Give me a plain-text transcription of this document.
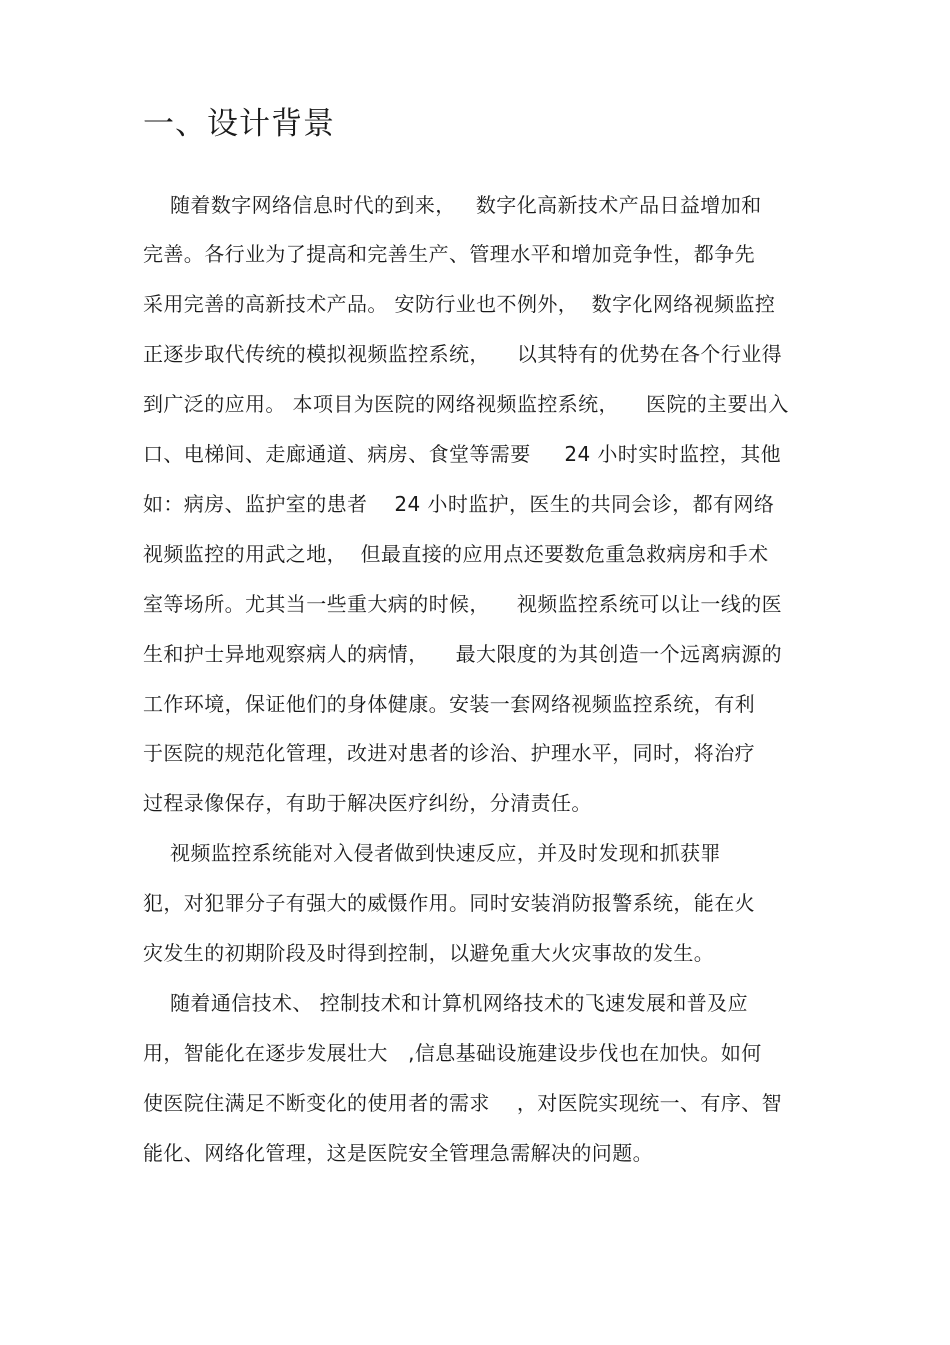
一、设计背景
随着数字网络信息时代的到来，   数字化高新技术产品日益增加和
完善。各行业为了提高和完善生产、管理水平和增加竞争性，都争先
采用完善的高新技术产品。 安防行业也不例外，  数字化网络视频监控
正逐步取代传统的模拟视频监控系统，    以其特有的优势在各个行业得
到广泛的应用。 本项目为医院的网络视频监控系统，    医院的主要出入
口、电梯间、走廊通道、病房、食堂等需要     24 小时实时监控，其他
如：病房、监护室的患者    24 小时监护，医生的共同会诊，都有网络
视频监控的用武之地，  但最直接的应用点还要数危重急救病房和手术
室等场所。尤其当一些重大病的时候，    视频监控系统可以让一线的医
生和护士异地观察病人的病情，    最大限度的为其创造一个远离病源的
工作环境，保证他们的身体健康。安装一套网络视频监控系统，有利
于医院的规范化管理，改进对患者的诊治、护理水平，同时，将治疗
过程录像保存，有助于解决医疗纠纷，分清责任。
视频监控系统能对入侵者做到快速反应，并及时发现和抓获罪
犯，对犯罪分子有强大的威慑作用。同时安装消防报警系统，能在火
灾发生的初期阶段及时得到控制，以避免重大火灾事故的发生。
随着通信技术、 控制技术和计算机网络技术的飞速发展和普及应
用，智能化在逐步发展壮大   ,信息基础设施建设步伐也在加快。如何
使医院住满足不断变化的使用者的需求    ，对医院实现统一、有序、智
能化、网络化管理，这是医院安全管理急需解决的问题。
